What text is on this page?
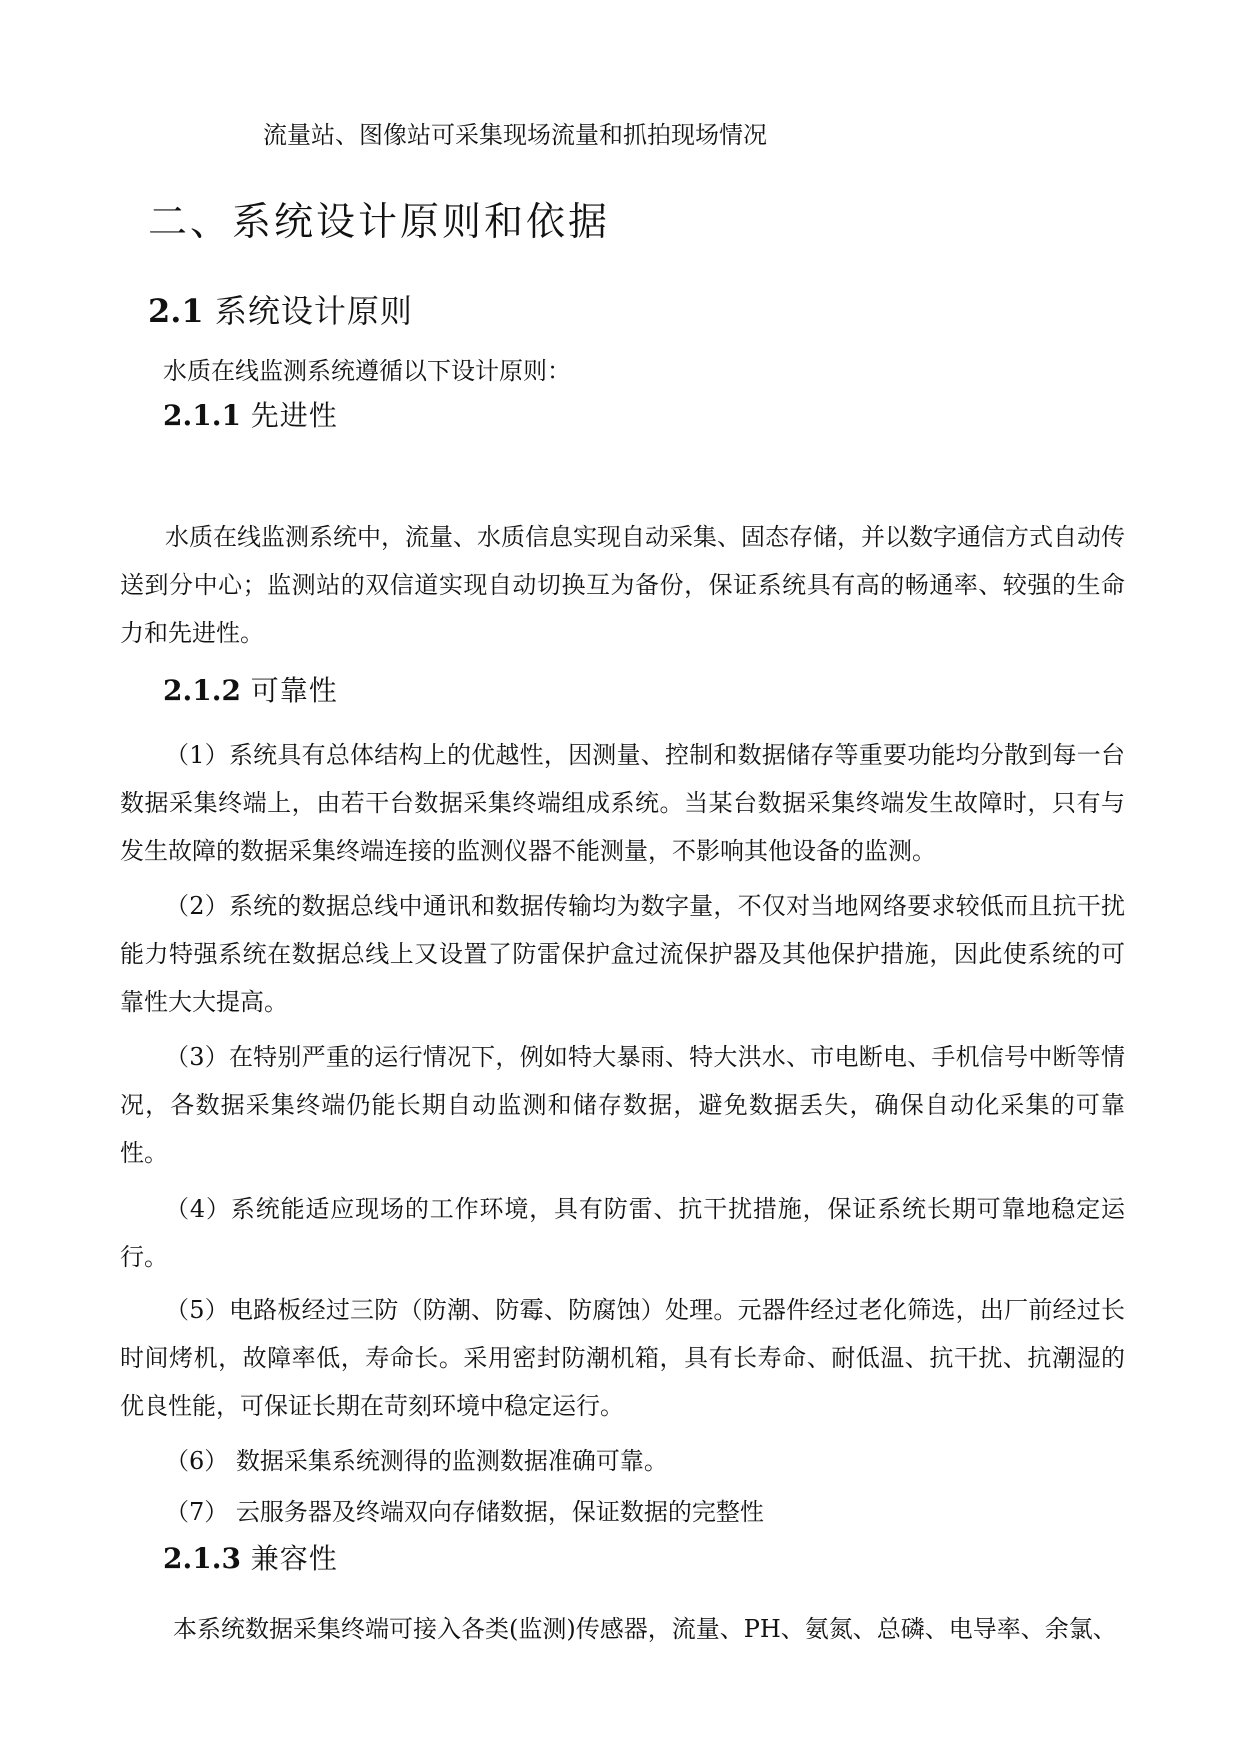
流量站、图像站可采集现场流量和抓拍现场情况
二、系统设计原则和依据
2.1 系统设计原则
水质在线监测系统遵循以下设计原则：
2.1.1 先进性
水质在线监测系统中，流量、水质信息实现自动采集、固态存储，并以数字通信方式自动传送到分中心；监测站的双信道实现自动切换互为备份，保证系统具有高的畅通率、较强的生命力和先进性。
2.1.2 可靠性
（1）系统具有总体结构上的优越性，因测量、控制和数据储存等重要功能均分散到每一台数据采集终端上，由若干台数据采集终端组成系统。当某台数据采集终端发生故障时，只有与发生故障的数据采集终端连接的监测仪器不能测量，不影响其他设备的监测。
（2）系统的数据总线中通讯和数据传输均为数字量，不仅对当地网络要求较低而且抗干扰能力特强系统在数据总线上又设置了防雷保护盒过流保护器及其他保护措施，因此使系统的可靠性大大提高。
（3）在特别严重的运行情况下，例如特大暴雨、特大洪水、市电断电、手机信号中断等情况，各数据采集终端仍能长期自动监测和储存数据，避免数据丢失，确保自动化采集的可靠性。
（4）系统能适应现场的工作环境，具有防雷、抗干扰措施，保证系统长期可靠地稳定运行。
（5）电路板经过三防（防潮、防霉、防腐蚀）处理。元器件经过老化筛选，出厂前经过长时间烤机，故障率低，寿命长。采用密封防潮机箱，具有长寿命、耐低温、抗干扰、抗潮湿的优良性能，可保证长期在苛刻环境中稳定运行。
（6） 数据采集系统测得的监测数据准确可靠。
（7） 云服务器及终端双向存储数据，保证数据的完整性
2.1.3 兼容性
本系统数据采集终端可接入各类(监测)传感器，流量、PH、氨氮、总磷、电导率、余氯、
